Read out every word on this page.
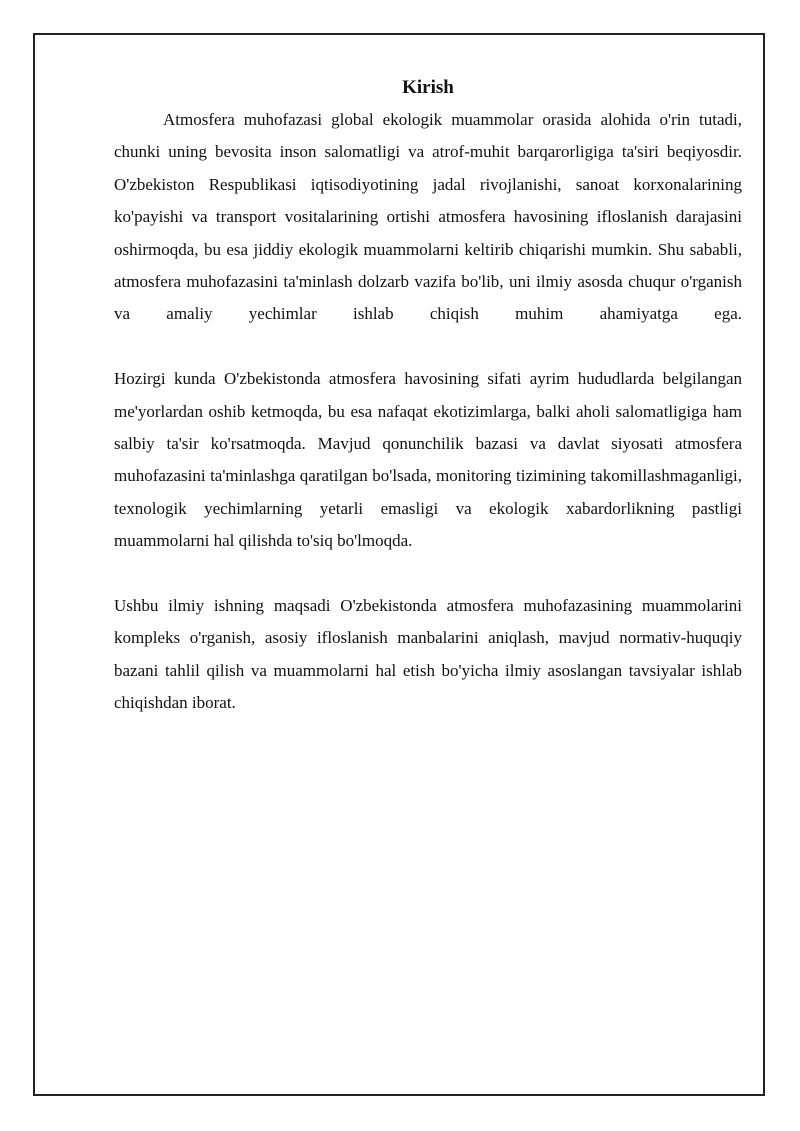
Kirish

Atmosfera muhofazasi global ekologik muammolar orasida alohida o'rin tutadi, chunki uning bevosita inson salomatligi va atrof-muhit barqarorligiga ta'siri beqiyosdir. O'zbekiston Respublikasi iqtisodiyotining jadal rivojlanishi, sanoat korxonalarining ko'payishi va transport vositalarining ortishi atmosfera havosining ifloslanish darajasini oshirmoqda, bu esa jiddiy ekologik muammolarni keltirib chiqarishi mumkin. Shu sababli, atmosfera muhofazasini ta'minlash dolzarb vazifa bo'lib, uni ilmiy asosda chuqur o'rganish va amaliy yechimlar ishlab chiqish muhim ahamiyatga ega.

Hozirgi kunda O'zbekistonda atmosfera havosining sifati ayrim hududlarda belgilangan me'yorlardan oshib ketmoqda, bu esa nafaqat ekotizimlarga, balki aholi salomatligiga ham salbiy ta'sir ko'rsatmoqda. Mavjud qonunchilik bazasi va davlat siyosati atmosfera muhofazasini ta'minlashga qaratilgan bo'lsada, monitoring tizimining takomillashmaganligi, texnologik yechimlarning yetarli emasligi va ekologik xabardorlikning pastligi muammolarni hal qilishda to'siq bo'lmoqda.

Ushbu ilmiy ishning maqsadi O'zbekistonda atmosfera muhofazasining muammolarini kompleks o'rganish, asosiy ifloslanish manbalarini aniqlash, mavjud normativ-huquqiy bazani tahlil qilish va muammolarni hal etish bo'yicha ilmiy asoslangan tavsiyalar ishlab chiqishdan iborat.
